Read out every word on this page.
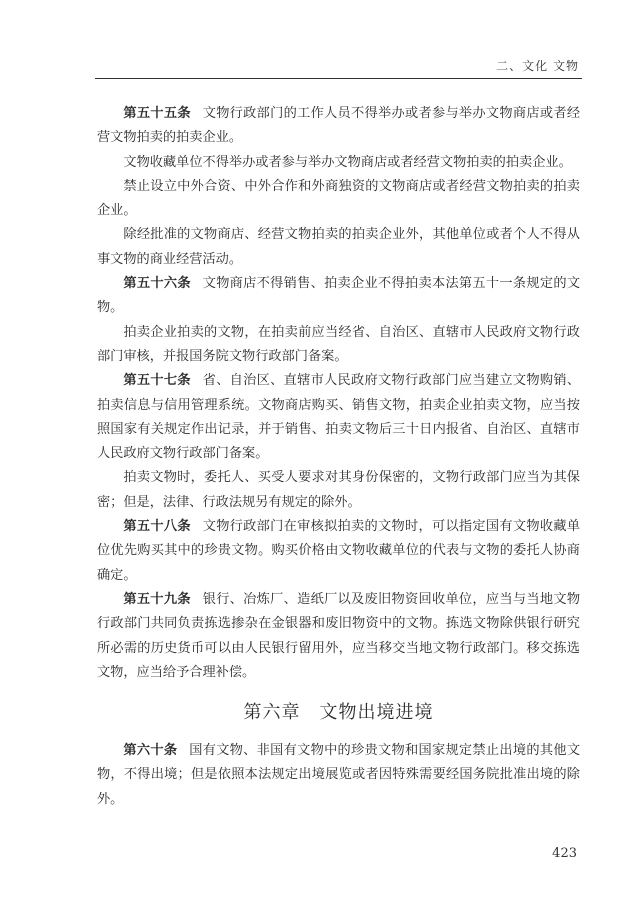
二、文化 文物

第五十五条 文物行政部门的工作人员不得举办或者参与举办文物商店或者经营文物拍卖的拍卖企业。

文物收藏单位不得举办或者参与举办文物商店或者经营文物拍卖的拍卖企业。

禁止设立中外合资、中外合作和外商独资的文物商店或者经营文物拍卖的拍卖企业。

除经批准的文物商店、经营文物拍卖的拍卖企业外，其他单位或者个人不得从事文物的商业经营活动。

第五十六条 文物商店不得销售、拍卖企业不得拍卖本法第五十一条规定的文物。

拍卖企业拍卖的文物，在拍卖前应当经省、自治区、直辖市人民政府文物行政部门审核，并报国务院文物行政部门备案。

第五十七条 省、自治区、直辖市人民政府文物行政部门应当建立文物购销、拍卖信息与信用管理系统。文物商店购买、销售文物，拍卖企业拍卖文物，应当按照国家有关规定作出记录，并于销售、拍卖文物后三十日内报省、自治区、直辖市人民政府文物行政部门备案。

拍卖文物时，委托人、买受人要求对其身份保密的，文物行政部门应当为其保密；但是，法律、行政法规另有规定的除外。

第五十八条 文物行政部门在审核拟拍卖的文物时，可以指定国有文物收藏单位优先购买其中的珍贵文物。购买价格由文物收藏单位的代表与文物的委托人协商确定。

第五十九条 银行、冶炼厂、造纸厂以及废旧物资回收单位，应当与当地文物行政部门共同负责拣选掺杂在金银器和废旧物资中的文物。拣选文物除供银行研究所必需的历史货币可以由人民银行留用外，应当移交当地文物行政部门。移交拣选文物，应当给予合理补偿。

第六章　文物出境进境

第六十条 国有文物、非国有文物中的珍贵文物和国家规定禁止出境的其他文物，不得出境；但是依照本法规定出境展览或者因特殊需要经国务院批准出境的除外。

423
